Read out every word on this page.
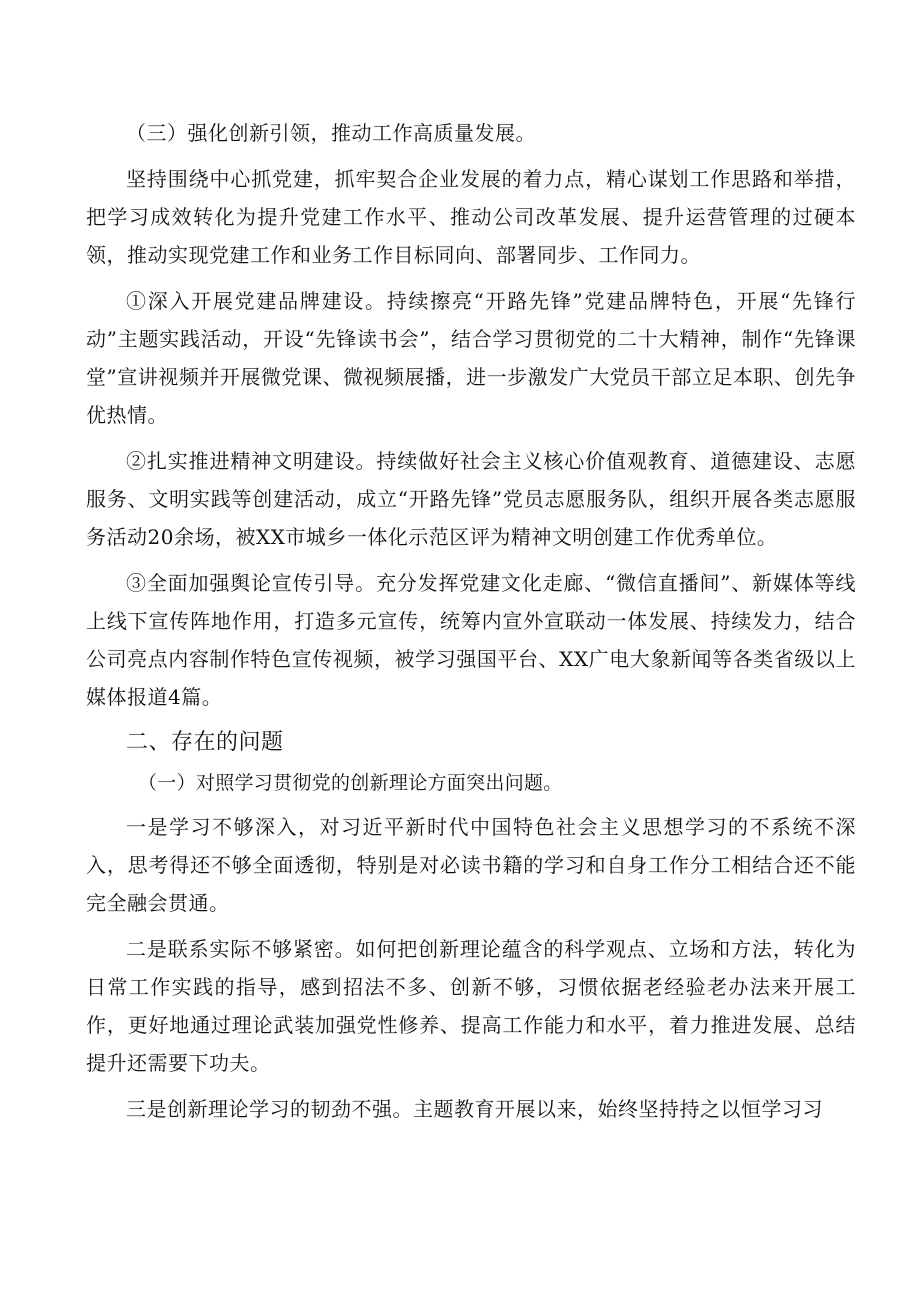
（三）强化创新引领，推动工作高质量发展。

坚持围绕中心抓党建，抓牢契合企业发展的着力点，精心谋划工作思路和举措，把学习成效转化为提升党建工作水平、推动公司改革发展、提升运营管理的过硬本领，推动实现党建工作和业务工作目标同向、部署同步、工作同力。

①深入开展党建品牌建设。持续擦亮“开路先锋”党建品牌特色，开展“先锋行动”主题实践活动，开设“先锋读书会”，结合学习贯彻党的二十大精神，制作“先锋课堂”宣讲视频并开展微党课、微视频展播，进一步激发广大党员干部立足本职、创先争优热情。

②扎实推进精神文明建设。持续做好社会主义核心价值观教育、道德建设、志愿服务、文明实践等创建活动，成立“开路先锋”党员志愿服务队，组织开展各类志愿服务活动20余场，被XX市城乡一体化示范区评为精神文明创建工作优秀单位。

③全面加强舆论宣传引导。充分发挥党建文化走廊、“微信直播间”、新媒体等线上线下宣传阵地作用，打造多元宣传，统筹内宣外宣联动一体发展、持续发力，结合公司亮点内容制作特色宣传视频，被学习强国平台、XX广电大象新闻等各类省级以上媒体报道4篇。

二、存在的问题

（一）对照学习贯彻党的创新理论方面突出问题。

一是学习不够深入，对习近平新时代中国特色社会主义思想学习的不系统不深入，思考得还不够全面透彻，特别是对必读书籍的学习和自身工作分工相结合还不能完全融会贯通。

二是联系实际不够紧密。如何把创新理论蕴含的科学观点、立场和方法，转化为日常工作实践的指导，感到招法不多、创新不够，习惯依据老经验老办法来开展工作，更好地通过理论武装加强党性修养、提高工作能力和水平，着力推进发展、总结提升还需要下功夫。

三是创新理论学习的韧劲不强。主题教育开展以来，始终坚持持之以恒学习习
